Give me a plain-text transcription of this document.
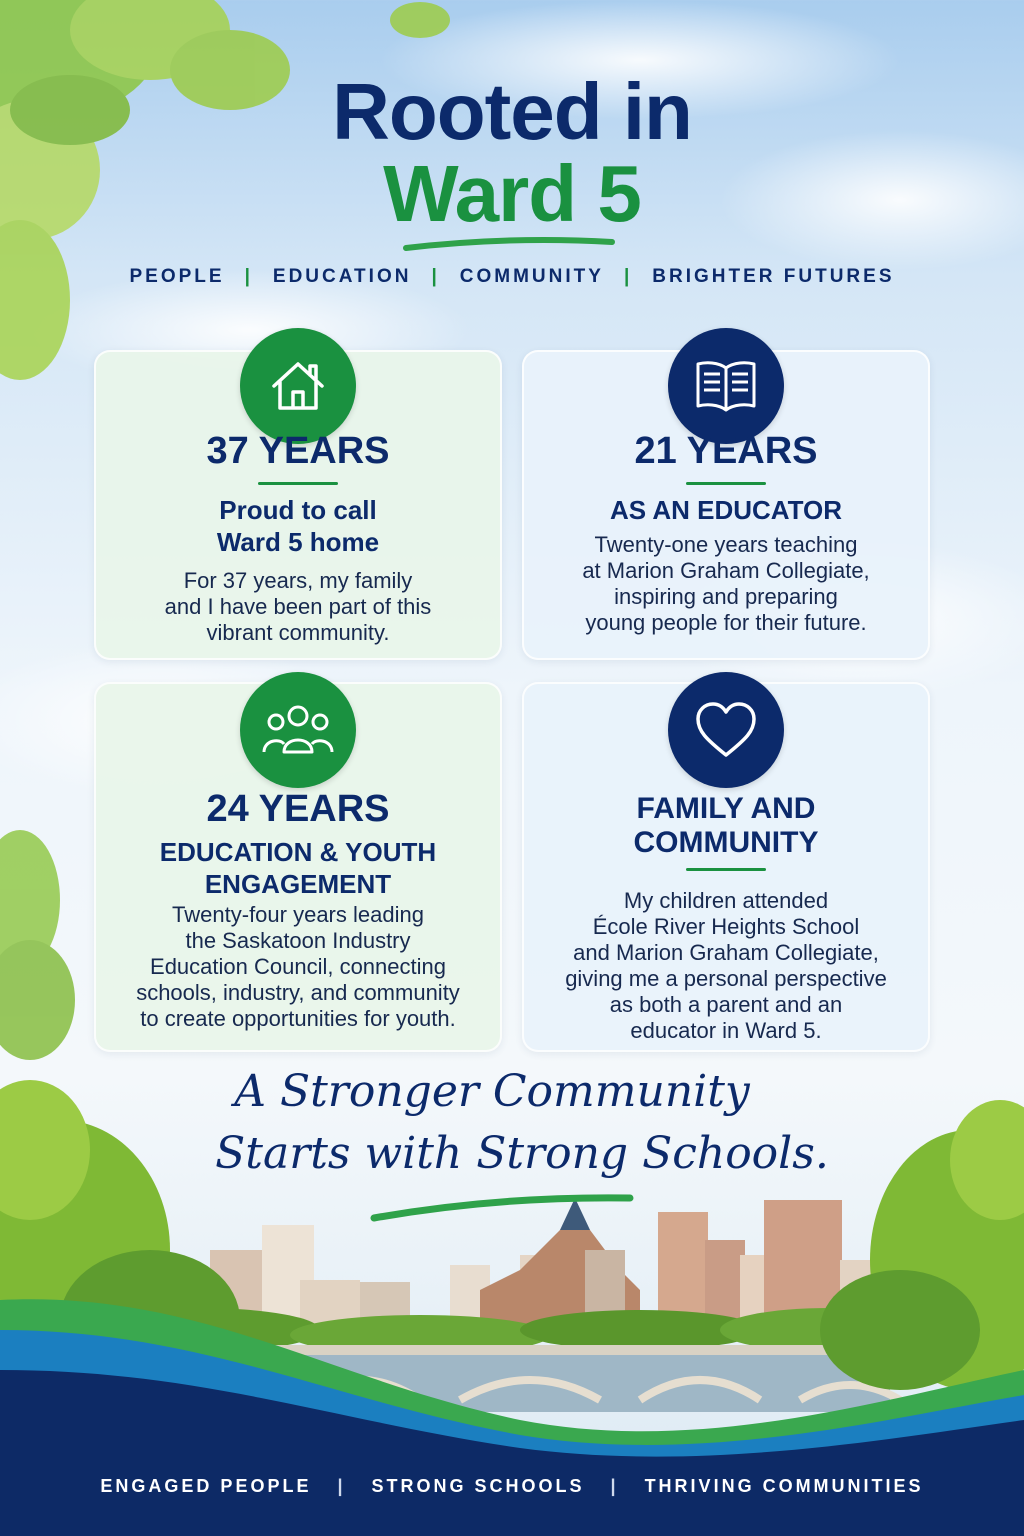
Rooted in
Ward 5
PEOPLE | EDUCATION | COMMUNITY | BRIGHTER FUTURES
37 YEARS
Proud to call
Ward 5 home
For 37 years, my family
and I have been part of this
vibrant community.
21 YEARS
AS AN EDUCATOR
Twenty-one years teaching
at Marion Graham Collegiate,
inspiring and preparing
young people for their future.
24 YEARS
EDUCATION & YOUTH
ENGAGEMENT
Twenty-four years leading
the Saskatoon Industry
Education Council, connecting
schools, industry, and community
to create opportunities for youth.
FAMILY AND
COMMUNITY
My children attended
École River Heights School
and Marion Graham Collegiate,
giving me a personal perspective
as both a parent and an
educator in Ward 5.
A Stronger Community
Starts with Strong Schools.
ENGAGED PEOPLE | STRONG SCHOOLS | THRIVING COMMUNITIES
